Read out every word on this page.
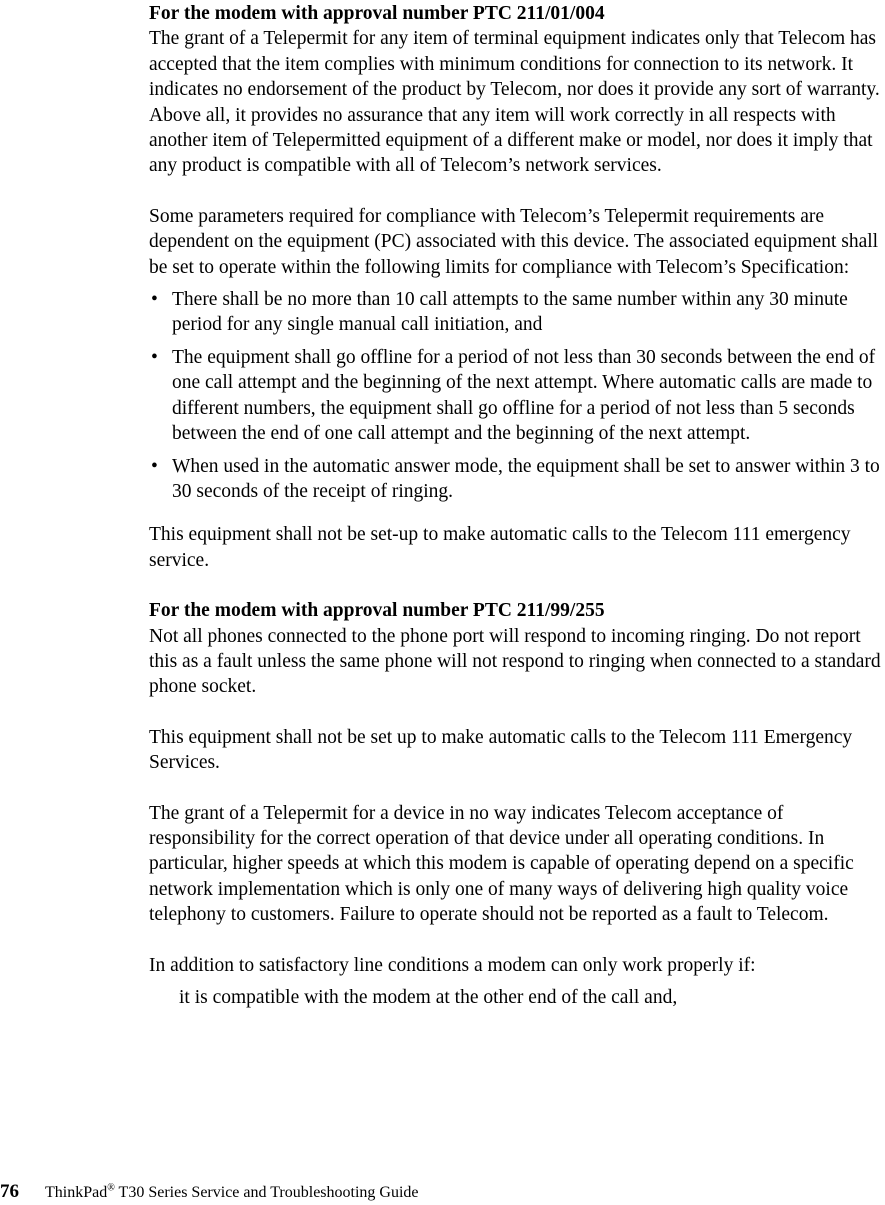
For the modem with approval number PTC 211/01/004

The grant of a Telepermit for any item of terminal equipment indicates only that Telecom has accepted that the item complies with minimum conditions for connection to its network. It indicates no endorsement of the product by Telecom, nor does it provide any sort of warranty. Above all, it provides no assurance that any item will work correctly in all respects with another item of Telepermitted equipment of a different make or model, nor does it imply that any product is compatible with all of Telecom’s network services.

Some parameters required for compliance with Telecom’s Telepermit requirements are dependent on the equipment (PC) associated with this device. The associated equipment shall be set to operate within the following limits for compliance with Telecom’s Specification:

• There shall be no more than 10 call attempts to the same number within any 30 minute period for any single manual call initiation, and
• The equipment shall go offline for a period of not less than 30 seconds between the end of one call attempt and the beginning of the next attempt. Where automatic calls are made to different numbers, the equipment shall go offline for a period of not less than 5 seconds between the end of one call attempt and the beginning of the next attempt.
• When used in the automatic answer mode, the equipment shall be set to answer within 3 to 30 seconds of the receipt of ringing.

This equipment shall not be set-up to make automatic calls to the Telecom 111 emergency service.

For the modem with approval number PTC 211/99/255

Not all phones connected to the phone port will respond to incoming ringing. Do not report this as a fault unless the same phone will not respond to ringing when connected to a standard phone socket.

This equipment shall not be set up to make automatic calls to the Telecom 111 Emergency Services.

The grant of a Telepermit for a device in no way indicates Telecom acceptance of responsibility for the correct operation of that device under all operating conditions. In particular, higher speeds at which this modem is capable of operating depend on a specific network implementation which is only one of many ways of delivering high quality voice telephony to customers. Failure to operate should not be reported as a fault to Telecom.

In addition to satisfactory line conditions a modem can only work properly if:

it is compatible with the modem at the other end of the call and,

76 ThinkPad® T30 Series Service and Troubleshooting Guide
